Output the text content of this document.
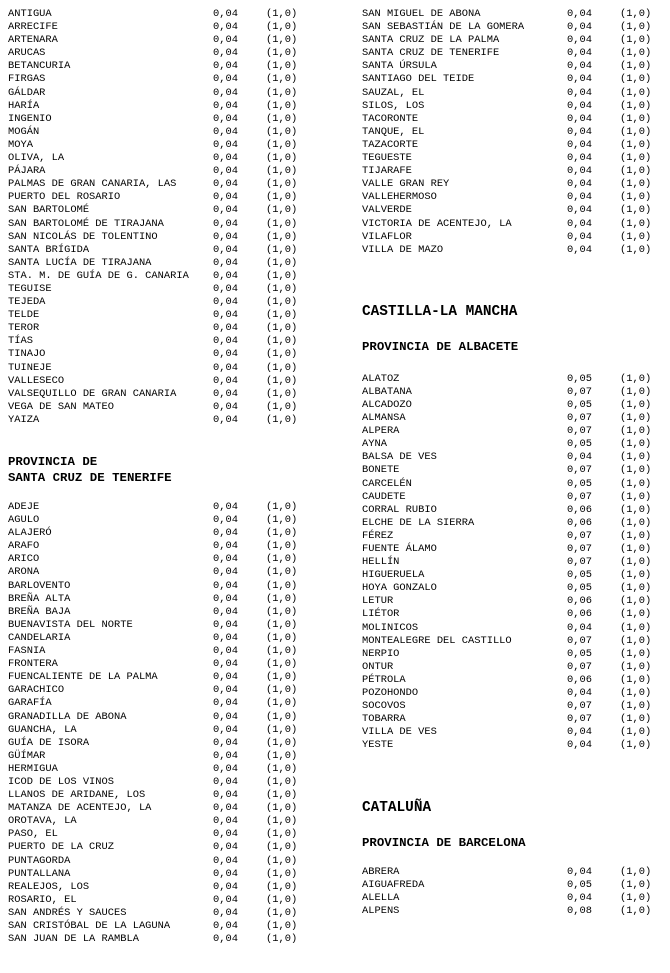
ANTIGUA	0,04	(1,0)
ARRECIFE	0,04	(1,0)
ARTENARA	0,04	(1,0)
ARUCAS	0,04	(1,0)
BETANCURIA	0,04	(1,0)
FIRGAS	0,04	(1,0)
GÁLDAR	0,04	(1,0)
HARÍA	0,04	(1,0)
INGENIO	0,04	(1,0)
MOGÁN	0,04	(1,0)
MOYA	0,04	(1,0)
OLIVA, LA	0,04	(1,0)
PÁJARA	0,04	(1,0)
PALMAS DE GRAN CANARIA, LAS	0,04	(1,0)
PUERTO DEL ROSARIO	0,04	(1,0)
SAN BARTOLOMÉ	0,04	(1,0)
SAN BARTOLOMÉ DE TIRAJANA	0,04	(1,0)
SAN NICOLÁS DE TOLENTINO	0,04	(1,0)
SANTA BRÍGIDA	0,04	(1,0)
SANTA LUCÍA DE TIRAJANA	0,04	(1,0)
STA. M. DE GUÍA DE G. CANARIA 0,04	(1,0)
TEGUISE	0,04	(1,0)
TEJEDA	0,04	(1,0)
TELDE	0,04	(1,0)
TEROR	0,04	(1,0)
TÍAS	0,04	(1,0)
TINAJO	0,04	(1,0)
TUINEJE	0,04	(1,0)
VALLESECO	0,04	(1,0)
VALSEQUILLO DE GRAN CANARIA	0,04	(1,0)
VEGA DE SAN MATEO	0,04	(1,0)
YAIZA	0,04	(1,0)
PROVINCIA DE
SANTA CRUZ DE TENERIFE
ADEJE	0,04	(1,0)
AGULO	0,04	(1,0)
ALAJERÓ	0,04	(1,0)
ARAFO	0,04	(1,0)
ARICO	0,04	(1,0)
ARONA	0,04	(1,0)
BARLOVENTO	0,04	(1,0)
BREÑA ALTA	0,04	(1,0)
BREÑA BAJA	0,04	(1,0)
BUENAVISTA DEL NORTE	0,04	(1,0)
CANDELARIA	0,04	(1,0)
FASNIA	0,04	(1,0)
FRONTERA	0,04	(1,0)
FUENCALIENTE DE LA PALMA	0,04	(1,0)
GARACHICO	0,04	(1,0)
GARAFÍA	0,04	(1,0)
GRANADILLA DE ABONA	0,04	(1,0)
GUANCHA, LA	0,04	(1,0)
GUÍA DE ISORA	0,04	(1,0)
GÜÍMAR	0,04	(1,0)
HERMIGUA	0,04	(1,0)
ICOD DE LOS VINOS	0,04	(1,0)
LLANOS DE ARIDANE, LOS	0,04	(1,0)
MATANZA DE ACENTEJO, LA	0,04	(1,0)
OROTAVA, LA	0,04	(1,0)
PASO, EL	0,04	(1,0)
PUERTO DE LA CRUZ	0,04	(1,0)
PUNTAGORDA	0,04	(1,0)
PUNTALLANA	0,04	(1,0)
REALEJOS, LOS	0,04	(1,0)
ROSARIO, EL	0,04	(1,0)
SAN ANDRÉS Y SAUCES	0,04	(1,0)
SAN CRISTÓBAL DE LA LAGUNA	0,04	(1,0)
SAN JUAN DE LA RAMBLA	0,04	(1,0)
SAN MIGUEL DE ABONA	0,04	(1,0)
SAN SEBASTIÁN DE LA GOMERA	0,04	(1,0)
SANTA CRUZ DE LA PALMA	0,04	(1,0)
SANTA CRUZ DE TENERIFE	0,04	(1,0)
SANTA ÚRSULA	0,04	(1,0)
SANTIAGO DEL TEIDE	0,04	(1,0)
SAUZAL, EL	0,04	(1,0)
SILOS, LOS	0,04	(1,0)
TACORONTE	0,04	(1,0)
TANQUE, EL	0,04	(1,0)
TAZACORTE	0,04	(1,0)
TEGUESTE	0,04	(1,0)
TIJARAFE	0,04	(1,0)
VALLE GRAN REY	0,04	(1,0)
VALLEHERMOSO	0,04	(1,0)
VALVERDE	0,04	(1,0)
VICTORIA DE ACENTEJO, LA	0,04	(1,0)
VILAFLOR	0,04	(1,0)
VILLA DE MAZO	0,04	(1,0)
CASTILLA-LA MANCHA
PROVINCIA DE ALBACETE
ALATOZ	0,05	(1,0)
ALBATANA	0,07	(1,0)
ALCADOZO	0,05	(1,0)
ALMANSA	0,07	(1,0)
ALPERA	0,07	(1,0)
AYNA	0,05	(1,0)
BALSA DE VES	0,04	(1,0)
BONETE	0,07	(1,0)
CARCELÉN	0,05	(1,0)
CAUDETE	0,07	(1,0)
CORRAL RUBIO	0,06	(1,0)
ELCHE DE LA SIERRA	0,06	(1,0)
FÉREZ	0,07	(1,0)
FUENTE ÁLAMO	0,07	(1,0)
HELLÍN	0,07	(1,0)
HIGUERUELA	0,05	(1,0)
HOYA GONZALO	0,05	(1,0)
LETUR	0,06	(1,0)
LIÉTOR	0,06	(1,0)
MOLINICOS	0,04	(1,0)
MONTEALEGRE DEL CASTILLO	0,07	(1,0)
NERPIO	0,05	(1,0)
ONTUR	0,07	(1,0)
PÉTROLA	0,06	(1,0)
POZOHONDO	0,04	(1,0)
SOCOVOS	0,07	(1,0)
TOBARRA	0,07	(1,0)
VILLA DE VES	0,04	(1,0)
YESTE	0,04	(1,0)
CATALUÑA
PROVINCIA DE BARCELONA
ABRERA	0,04	(1,0)
AIGUAFREDA	0,05	(1,0)
ALELLA	0,04	(1,0)
ALPENS	0,08	(1,0)
